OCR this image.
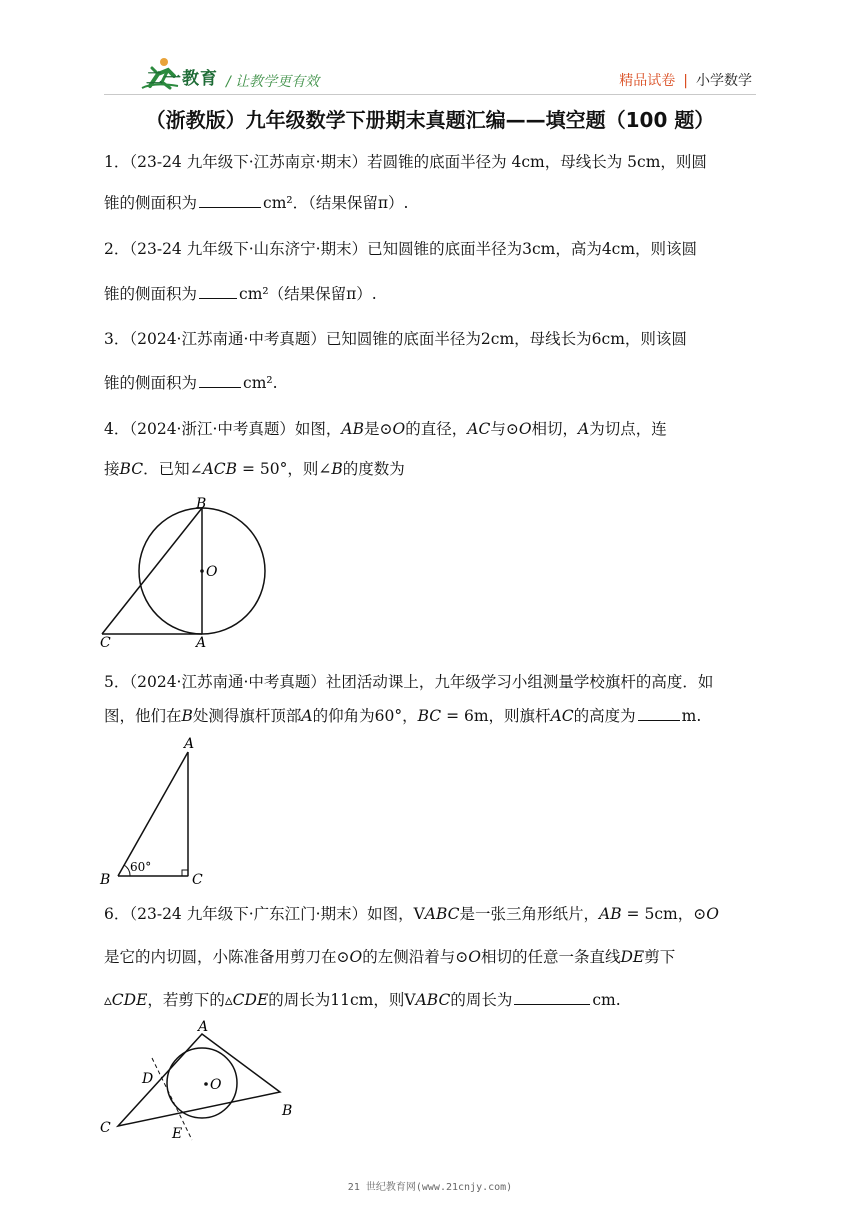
二一教育 / 让教学更有效	精品试卷 | 小学数学
（浙教版）九年级数学下册期末真题汇编——填空题（100 题）
1．（23-24 九年级下·江苏南京·期末）若圆锥的底面半径为 4cm，母线长为 5cm，则圆
锥的侧面积为	cm²．（结果保留π）.
2．（23-24 九年级下·山东济宁·期末）已知圆锥的底面半径为3cm，高为4cm，则该圆
锥的侧面积为	cm²（结果保留π）.
3．（2024·江苏南通·中考真题）已知圆锥的底面半径为2cm，母线长为6cm，则该圆
锥的侧面积为	cm².
4．（2024·浙江·中考真题）如图，AB是⊙O的直径，AC与⊙O相切，A为切点，连
接BC．已知∠ACB = 50°，则∠B的度数为
B
O
C	A
5．（2024·江苏南通·中考真题）社团活动课上，九年级学习小组测量学校旗杆的高度．如
图，他们在B处测得旗杆顶部A的仰角为60°，BC = 6m，则旗杆AC的高度为	m.
A
B	C
60°
6．（23-24 九年级下·广东江门·期末）如图，VABC是一张三角形纸片，AB = 5cm，⊙O
是它的内切圆，小陈准备用剪刀在⊙O的左侧沿着与⊙O相切的任意一条直线DE剪下
▵CDE，若剪下的▵CDE的周长为11cm，则VABC的周长为	cm.
A
D	O
B
C	E
21 世纪教育网(www.21cnjy.com)
